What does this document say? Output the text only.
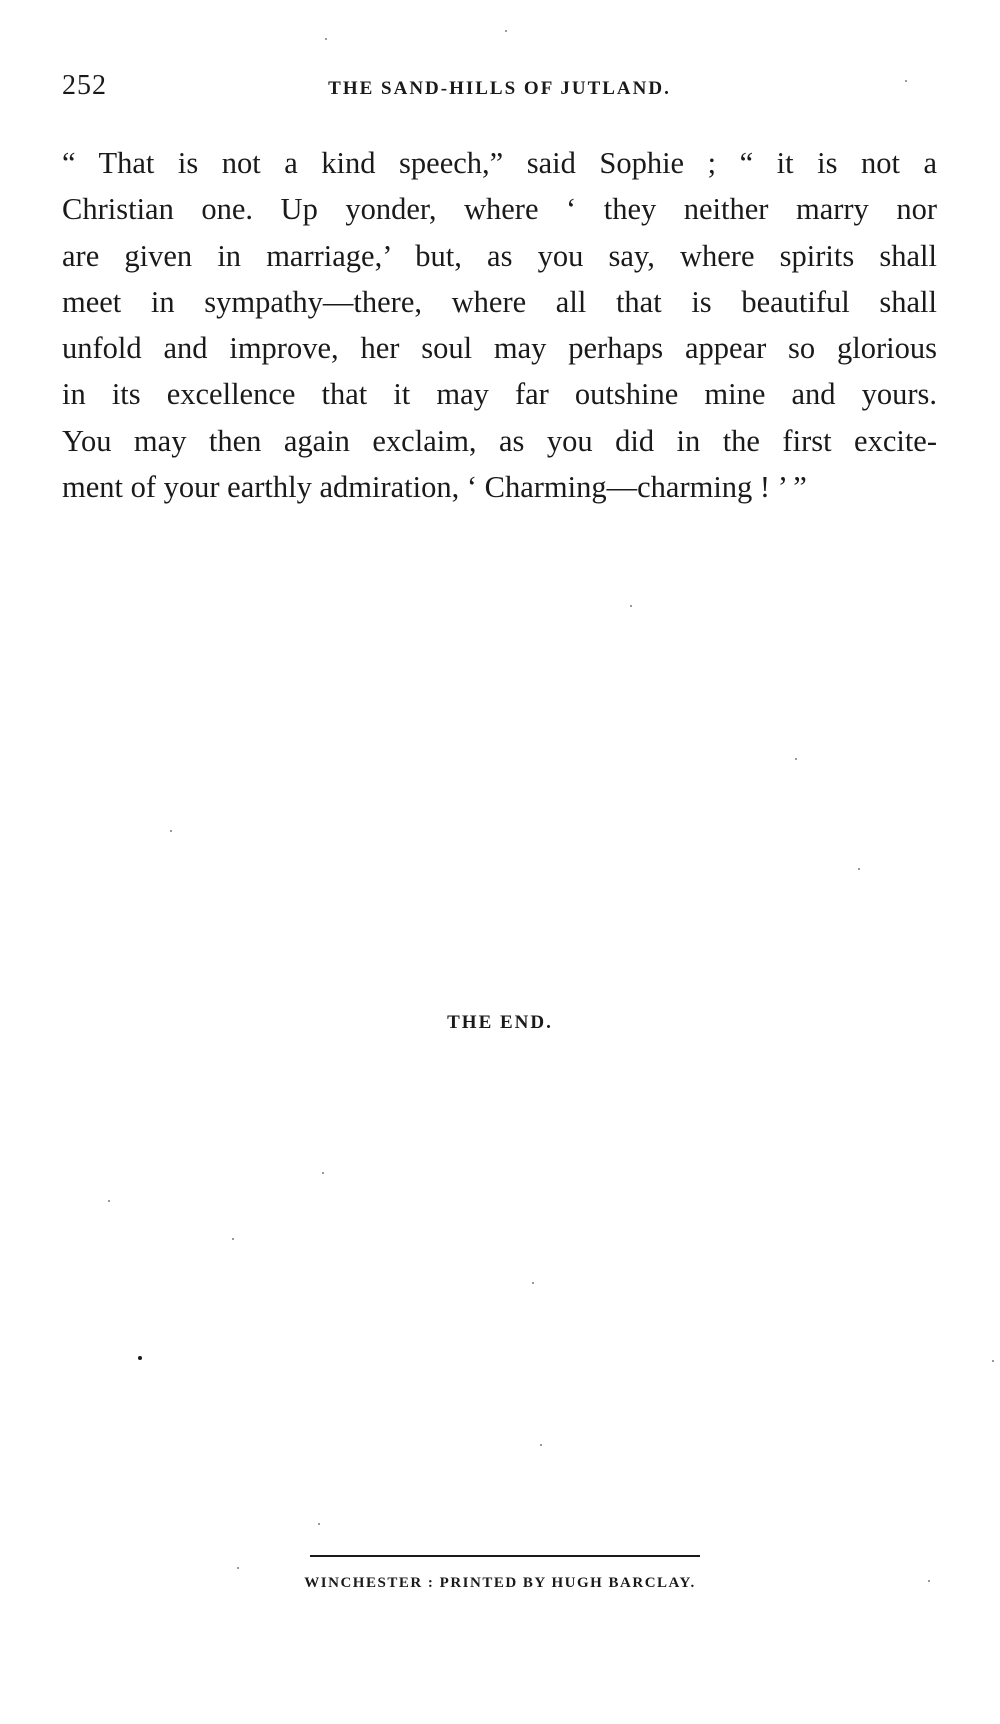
252	THE SAND-HILLS OF JUTLAND.
“ That is not a kind speech,” said Sophie ; “ it is not a
Christian one. Up yonder, where ‘ they neither marry nor
are given in marriage,’ but, as you say, where spirits shall
meet in sympathy—there, where all that is beautiful shall
unfold and improve, her soul may perhaps appear so glorious
in its excellence that it may far outshine mine and yours.
You may then again exclaim, as you did in the first excite-
ment of your earthly admiration, ‘ Charming—charming ! ’ ”
THE END.
WINCHESTER : PRINTED BY HUGH BARCLAY.
